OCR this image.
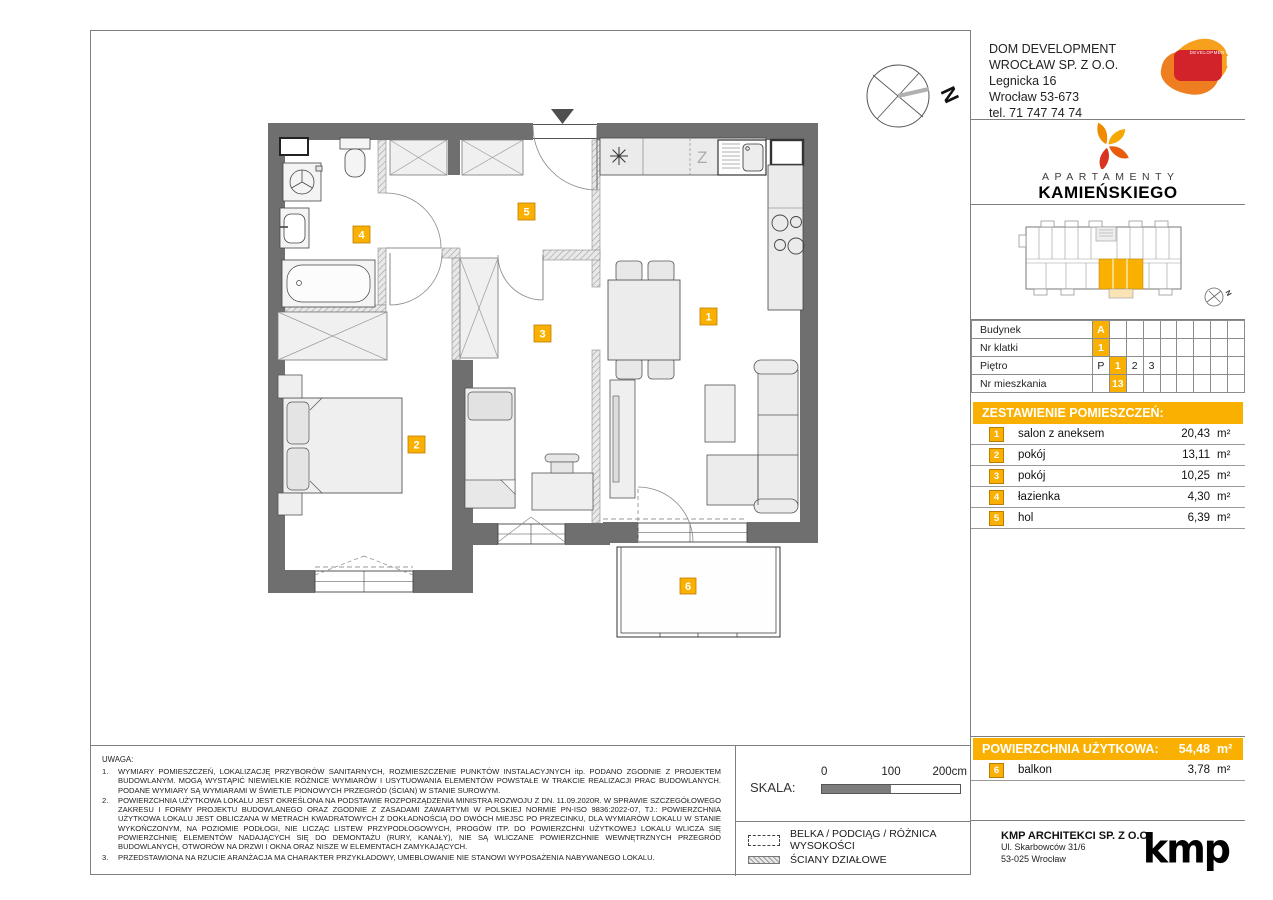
Z
1
2
3
4
5
6
N
UWAGA:
1.	WYMIARY POMIESZCZEŃ, LOKALIZACJĘ PRZYBORÓW SANITARNYCH, ROZMIESZCZENIE PUNKTÓW INSTALACYJNYCH itp. PODANO ZGODNIE Z PROJEKTEM BUDOWLANYM. MOGĄ WYSTĄPIĆ NIEWIELKIE RÓŻNICE WYMIARÓW I USYTUOWANIA ELEMENTÓW POWSTAŁE W TRAKCIE REALIZACJI PRAC BUDOWLANYCH. PODANE WYMIARY SĄ WYMIARAMI W ŚWIETLE PIONOWYCH PRZEGRÓD (ŚCIAN) W STANIE SUROWYM.
2.	POWIERZCHNIA UŻYTKOWA LOKALU JEST OKREŚLONA NA PODSTAWIE ROZPORZĄDZENIA MINISTRA ROZWOJU Z DN. 11.09.2020R. W SPRAWIE SZCZEGÓŁOWEGO ZAKRESU I FORMY PROJEKTU BUDOWLANEGO ORAZ ZGODNIE Z ZASADAMI ZAWARTYMI W POLSKIEJ NORMIE PN-ISO 9836:2022-07, TJ.: POWIERZCHNIA UŻYTKOWA LOKALU JEST OBLICZANA W METRACH KWADRATOWYCH Z DOKŁADNOŚCIĄ DO DWÓCH MIEJSC PO PRZECINKU, DLA WYMIARÓW LOKALU W STANIE WYKOŃCZONYM, NA POZIOMIE PODŁOGI, NIE LICZĄC LISTEW PRZYPODŁOGOWYCH, PROGÓW ITP. DO POWIERZCHNI UŻYTKOWEJ LOKALU WLICZA SIĘ POWIERZCHNIĘ ELEMENTÓW NADAJĄCYCH SIĘ DO DEMONTAŻU (RURY, KANAŁY), NIE SĄ WLICZANE POWIERZCHNIE WEWNĘTRZNYCH PRZEGRÓD BUDOWLANYCH, OTWORÓW NA DRZWI I OKNA ORAZ NISZE W ELEMENTACH ZAMYKAJĄCYCH.
3.	PRZEDSTAWIONA NA RZUCIE ARANŻACJA MA CHARAKTER PRZYKŁADOWY, UMEBLOWANIE NIE STANOWI WYPOSAŻENIA NABYWANEGO LOKALU.
SKALA:
0	100	200cm
BELKA / PODCIĄG / RÓŻNICA WYSOKOŚCI
ŚCIANY DZIAŁOWE
DOM DEVELOPMENT
WROCŁAW SP. Z O.O.
Legnicka 16
Wrocław 53-673
tel. 71 747 74 74
DOM
DEVELOPMENT
APARTAMENTY
KAMIEŃSKIEGO
N
Budynek	A								
Nr klatki	1								
Piętro	P	1	2	3					
Nr mieszkania		13							
ZESTAWIENIE POMIESZCZEŃ:
1	salon z aneksem	20,43 m²
2	pokój	13,11 m²
3	pokój	10,25 m²
4	łazienka	4,30 m²
5	hol	6,39 m²
POWIERZCHNIA UŻYTKOWA: 54,48 m²
6	balkon	3,78 m²
KMP ARCHITEKCI SP. Z O.O.
Ul. Skarbowców 31/6
53-025 Wrocław	kmp
